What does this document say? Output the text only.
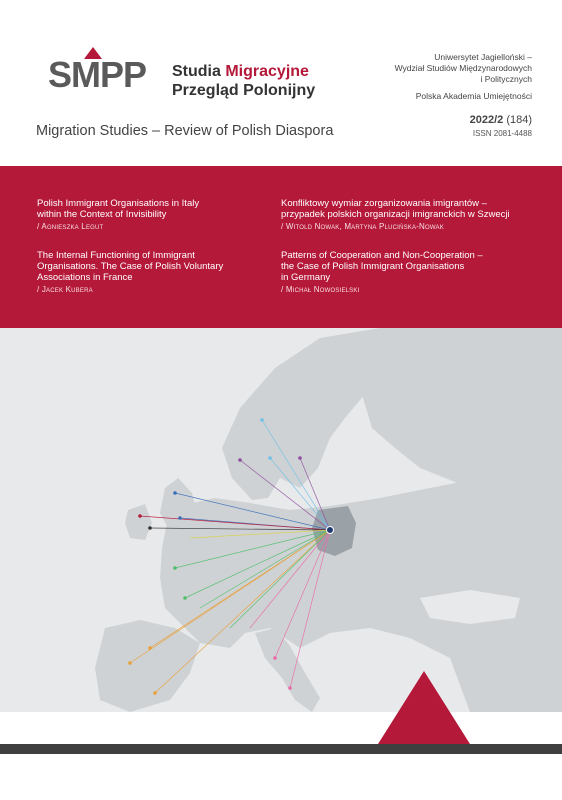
SMPP Studia Migracyjne
Przegląd Polonijny
Uniwersytet Jagielloński –
Wydział Studiów Międzynarodowych
i Politycznych
Polska Akademia Umiejętności
Migration Studies – Review of Polish Diaspora
2022/2 (184)
ISSN 2081-4488
Polish Immigrant Organisations in Italy
within the Context of Invisibility
/ Agnieszka Legut
The Internal Functioning of Immigrant
Organisations. The Case of Polish Voluntary
Associations in France
/ Jacek Kubera
Konfliktowy wymiar zorganizowania imigrantów –
przypadek polskich organizacji imigranckich w Szwecji
/ Witold Nowak, Martyna Plucińska-Nowak
Patterns of Cooperation and Non-Cooperation –
the Case of Polish Immigrant Organisations
in Germany
/ Michał Nowosielski
